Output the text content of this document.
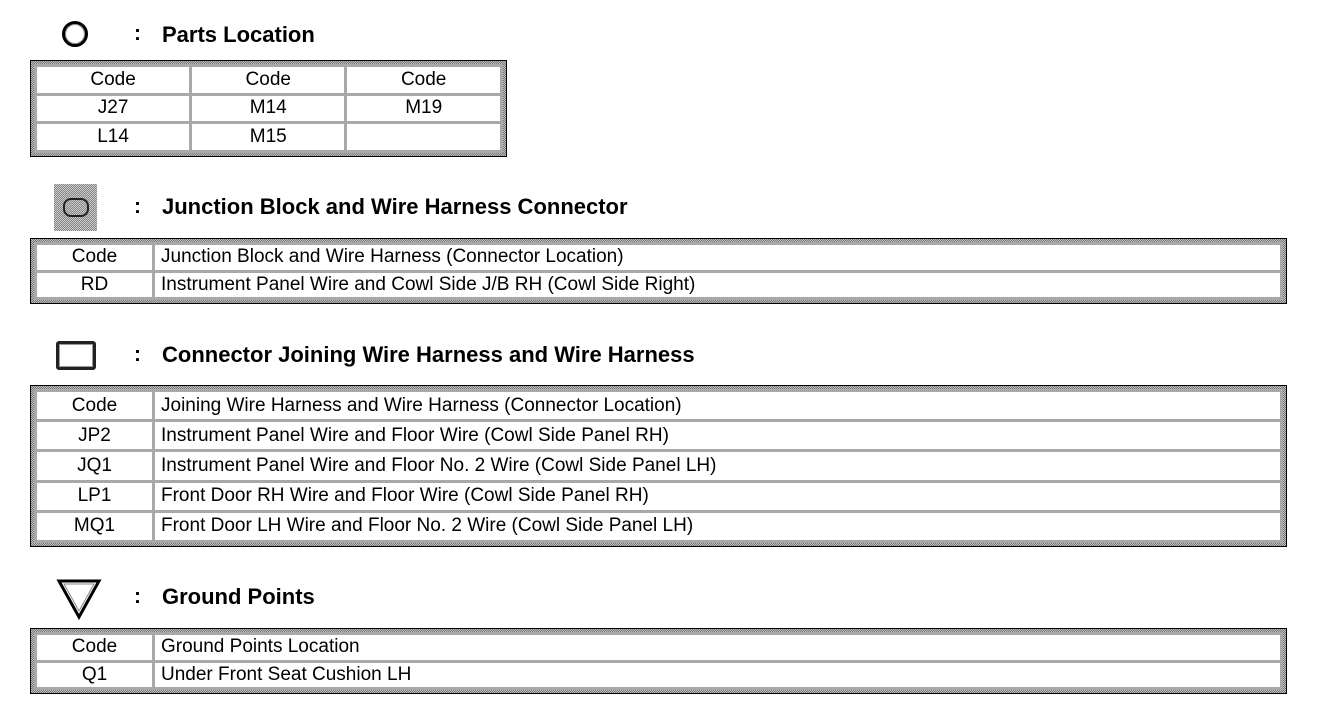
: Parts Location
Code	Code	Code
J27	M14	M19
L14	M15	
: Junction Block and Wire Harness Connector
Code	Junction Block and Wire Harness (Connector Location)
RD	Instrument Panel Wire and Cowl Side J/B RH (Cowl Side Right)
: Connector Joining Wire Harness and Wire Harness
Code	Joining Wire Harness and Wire Harness (Connector Location)
JP2	Instrument Panel Wire and Floor Wire (Cowl Side Panel RH)
JQ1	Instrument Panel Wire and Floor No. 2 Wire (Cowl Side Panel LH)
LP1	Front Door RH Wire and Floor Wire (Cowl Side Panel RH)
MQ1	Front Door LH Wire and Floor No. 2 Wire (Cowl Side Panel LH)
: Ground Points
Code	Ground Points Location
Q1	Under Front Seat Cushion LH
